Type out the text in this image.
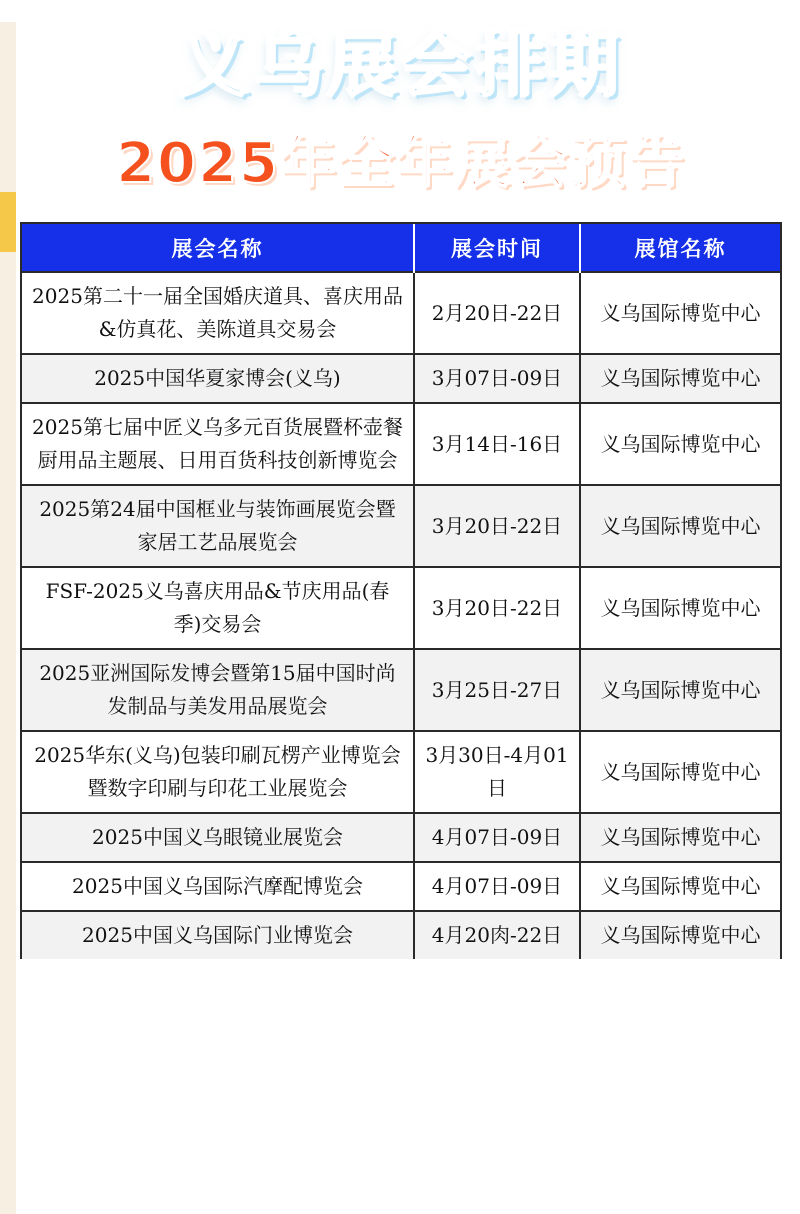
义乌展会排期
2025年全年展会预告
展会名称	展会时间	展馆名称
2025第二十一届全国婚庆道具、喜庆用品&仿真花、美陈道具交易会	2月20日-22日	义乌国际博览中心
2025中国华夏家博会(义乌)	3月07日-09日	义乌国际博览中心
2025第七届中匠义乌多元百货展暨杯壶餐厨用品主题展、日用百货科技创新博览会	3月14日-16日	义乌国际博览中心
2025第24届中国框业与装饰画展览会暨家居工艺品展览会	3月20日-22日	义乌国际博览中心
FSF-2025义乌喜庆用品&节庆用品(春季)交易会	3月20日-22日	义乌国际博览中心
2025亚洲国际发博会暨第15届中国时尚发制品与美发用品展览会	3月25日-27日	义乌国际博览中心
2025华东(义乌)包装印刷瓦楞产业博览会暨数字印刷与印花工业展览会	3月30日-4月01日	义乌国际博览中心
2025中国义乌眼镜业展览会	4月07日-09日	义乌国际博览中心
2025中国义乌国际汽摩配博览会	4月07日-09日	义乌国际博览中心
2025中国义乌国际门业博览会	4月20肉-22日	义乌国际博览中心
